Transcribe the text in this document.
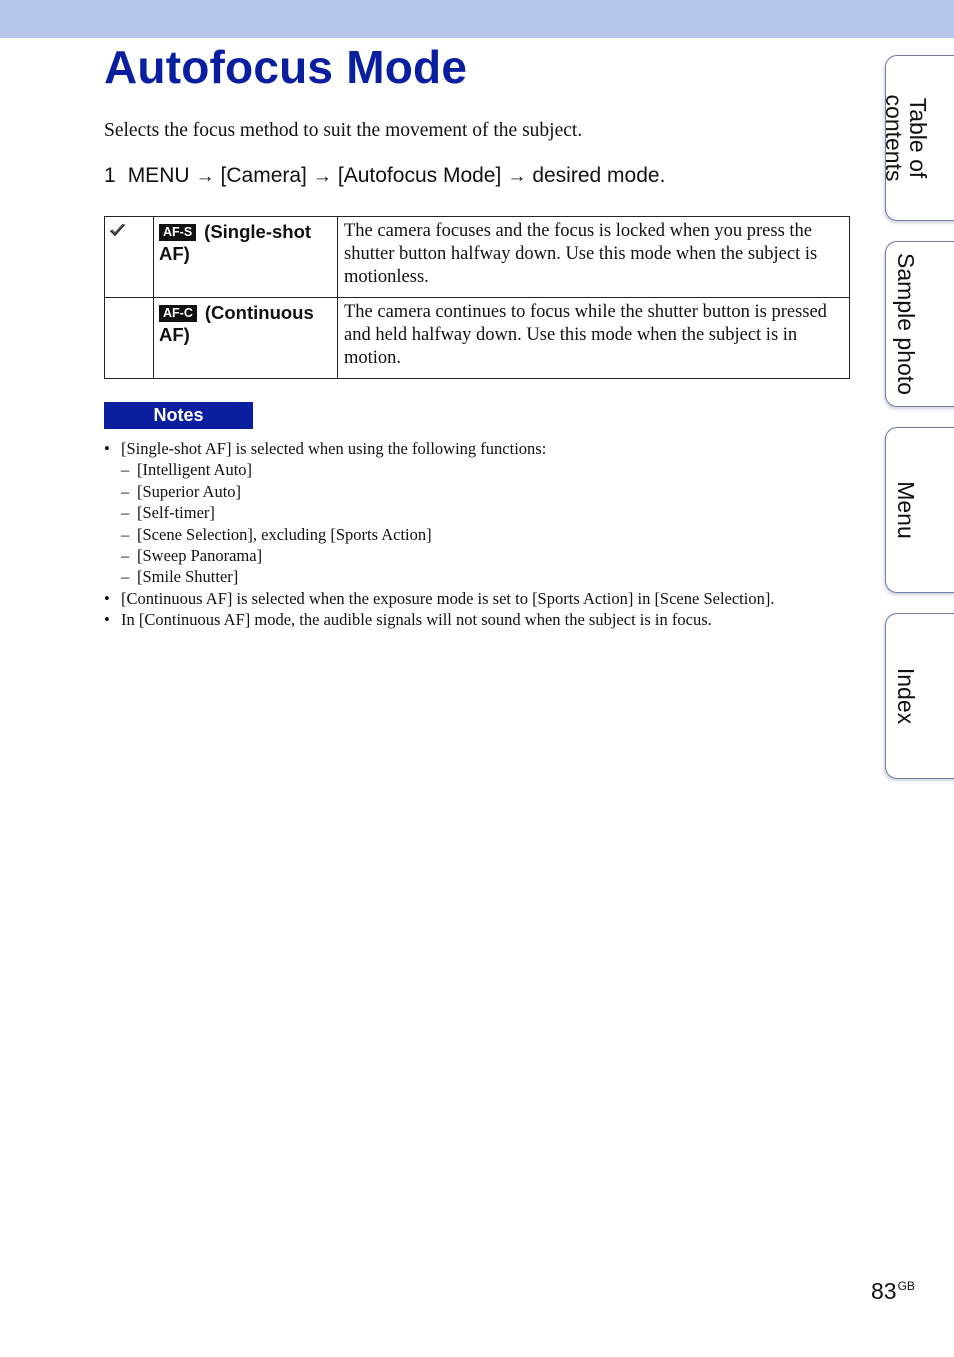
Autofocus Mode
Selects the focus method to suit the movement of the subject.
1 MENU → [Camera] → [Autofocus Mode] → desired mode.
	AF-S (Single-shot AF)	The camera focuses and the focus is locked when you press the shutter button halfway down. Use this mode when the subject is motionless.
	AF-C (Continuous AF)	The camera continues to focus while the shutter button is pressed and held halfway down. Use this mode when the subject is in motion.
Notes
• [Single-shot AF] is selected when using the following functions:
– [Intelligent Auto]
– [Superior Auto]
– [Self-timer]
– [Scene Selection], excluding [Sports Action]
– [Sweep Panorama]
– [Smile Shutter]
• [Continuous AF] is selected when the exposure mode is set to [Sports Action] in [Scene Selection].
• In [Continuous AF] mode, the audible signals will not sound when the subject is in focus.
Table of
contents
Sample photo
Menu
Index
$83^{GB}$
